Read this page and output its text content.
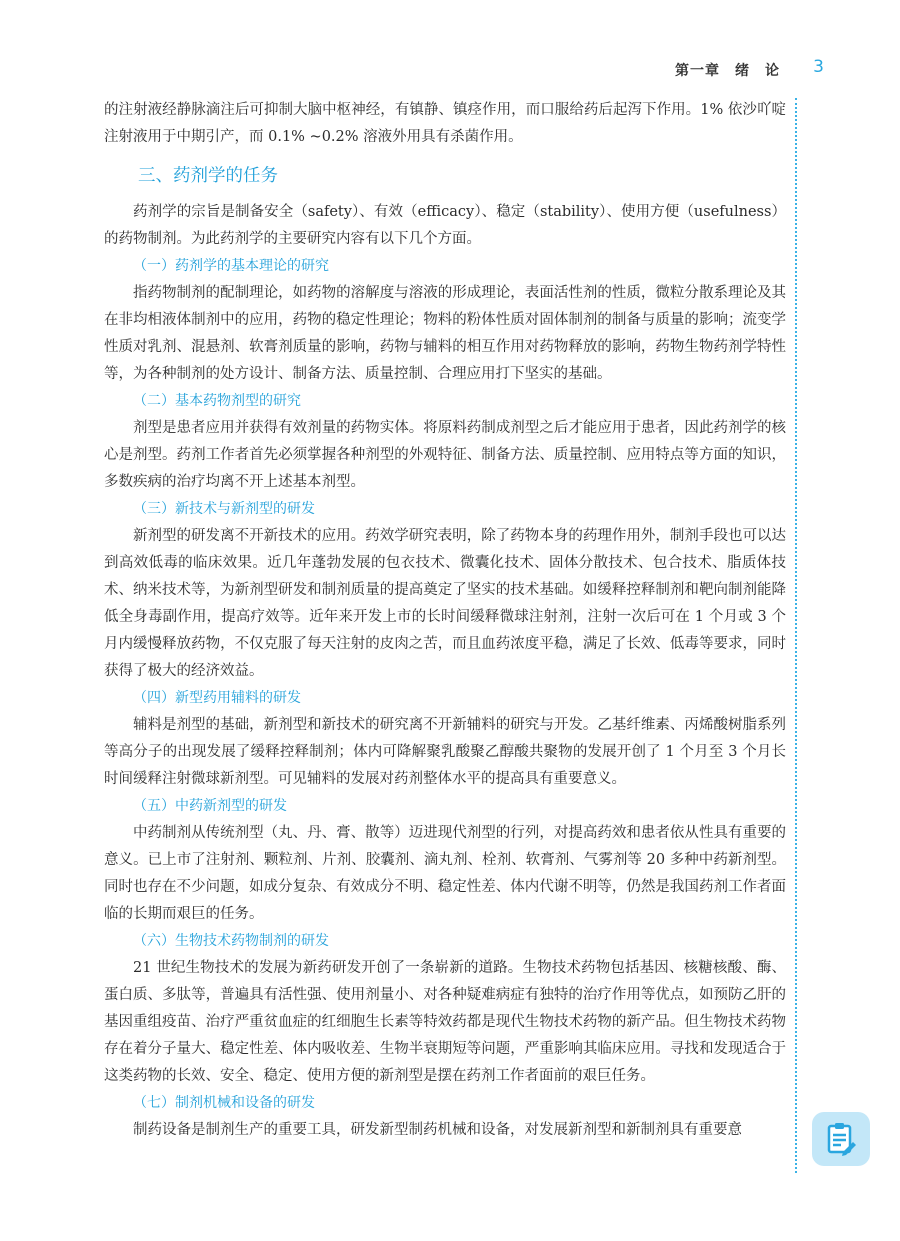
第一章　绪　论 3
的注射液经静脉滴注后可抑制大脑中枢神经，有镇静、镇痉作用，而口服给药后起泻下作用。1% 依沙吖啶注射液用于中期引产，而 0.1% ~0.2% 溶液外用具有杀菌作用。
三、药剂学的任务
药剂学的宗旨是制备安全（safety）、有效（efficacy）、稳定（stability）、使用方便（usefulness）的药物制剂。为此药剂学的主要研究内容有以下几个方面。
（一）药剂学的基本理论的研究
指药物制剂的配制理论，如药物的溶解度与溶液的形成理论，表面活性剂的性质，微粒分散系理论及其在非均相液体制剂中的应用，药物的稳定性理论；物料的粉体性质对固体制剂的制备与质量的影响；流变学性质对乳剂、混悬剂、软膏剂质量的影响，药物与辅料的相互作用对药物释放的影响，药物生物药剂学特性等，为各种制剂的处方设计、制备方法、质量控制、合理应用打下坚实的基础。
（二）基本药物剂型的研究
剂型是患者应用并获得有效剂量的药物实体。将原料药制成剂型之后才能应用于患者，因此药剂学的核心是剂型。药剂工作者首先必须掌握各种剂型的外观特征、制备方法、质量控制、应用特点等方面的知识，多数疾病的治疗均离不开上述基本剂型。
（三）新技术与新剂型的研发
新剂型的研发离不开新技术的应用。药效学研究表明，除了药物本身的药理作用外，制剂手段也可以达到高效低毒的临床效果。近几年蓬勃发展的包衣技术、微囊化技术、固体分散技术、包合技术、脂质体技术、纳米技术等，为新剂型研发和制剂质量的提高奠定了坚实的技术基础。如缓释控释制剂和靶向制剂能降低全身毒副作用，提高疗效等。近年来开发上市的长时间缓释微球注射剂，注射一次后可在 1 个月或 3 个月内缓慢释放药物，不仅克服了每天注射的皮肉之苦，而且血药浓度平稳，满足了长效、低毒等要求，同时获得了极大的经济效益。
（四）新型药用辅料的研发
辅料是剂型的基础，新剂型和新技术的研究离不开新辅料的研究与开发。乙基纤维素、丙烯酸树脂系列等高分子的出现发展了缓释控释制剂；体内可降解聚乳酸聚乙醇酸共聚物的发展开创了 1 个月至 3 个月长时间缓释注射微球新剂型。可见辅料的发展对药剂整体水平的提高具有重要意义。
（五）中药新剂型的研发
中药制剂从传统剂型（丸、丹、膏、散等）迈进现代剂型的行列，对提高药效和患者依从性具有重要的意义。已上市了注射剂、颗粒剂、片剂、胶囊剂、滴丸剂、栓剂、软膏剂、气雾剂等 20 多种中药新剂型。同时也存在不少问题，如成分复杂、有效成分不明、稳定性差、体内代谢不明等，仍然是我国药剂工作者面临的长期而艰巨的任务。
（六）生物技术药物制剂的研发
21 世纪生物技术的发展为新药研发开创了一条崭新的道路。生物技术药物包括基因、核糖核酸、酶、蛋白质、多肽等，普遍具有活性强、使用剂量小、对各种疑难病症有独特的治疗作用等优点，如预防乙肝的基因重组疫苗、治疗严重贫血症的红细胞生长素等特效药都是现代生物技术药物的新产品。但生物技术药物存在着分子量大、稳定性差、体内吸收差、生物半衰期短等问题，严重影响其临床应用。寻找和发现适合于这类药物的长效、安全、稳定、使用方便的新剂型是摆在药剂工作者面前的艰巨任务。
（七）制剂机械和设备的研发
制药设备是制剂生产的重要工具，研发新型制药机械和设备，对发展新剂型和新制剂具有重要意
